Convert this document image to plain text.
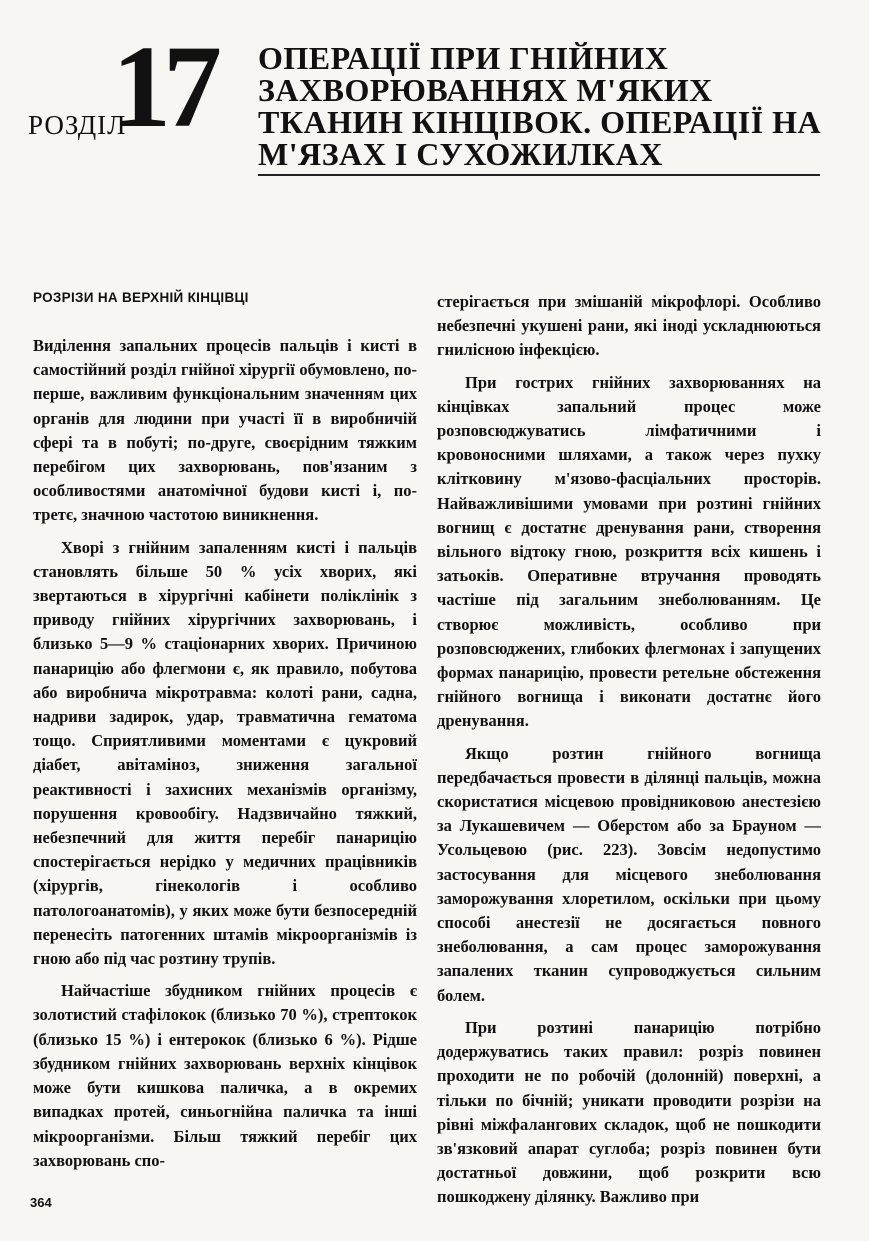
РОЗДІЛ
17 ОПЕРАЦІЇ ПРИ ГНІЙНИХ ЗАХВОРЮВАННЯХ М'ЯКИХ ТКАНИН КІНЦІВОК. ОПЕРАЦІЇ НА М'ЯЗАХ І СУХОЖИЛКАХ
РОЗРІЗИ НА ВЕРХНІЙ КІНЦІВЦІ

Виділення запальних процесів пальців і кисті в самостійний розділ гнійної хірургії обумовлено, по-перше, важливим функціональним значенням цих органів для людини при участі її в виробничій сфері та в побуті; по-друге, своєрідним тяжким перебігом цих захворювань, пов'язаним з особливостями анатомічної будови кисті і, по-третє, значною частотою виникнення.

Хворі з гнійним запаленням кисті і пальців становлять більше 50 % усіх хворих, які звертаються в хірургічні кабінети поліклінік з приводу гнійних хірургічних захворювань, і близько 5—9 % стаціонарних хворих. Причиною панарицію або флегмони є, як правило, побутова або виробнича мікротравма: колоті рани, садна, надриви задирок, удар, травматична гематома тощо. Сприятливими моментами є цукровий діабет, авітаміноз, зниження загальної реактивності і захисних механізмів організму, порушення кровообігу. Надзвичайно тяжкий, небезпечний для життя перебіг панарицію спостерігається нерідко у медичних працівників (хірургів, гінекологів і особливо патологоанатомів), у яких може бути безпосередній перенесіть патогенних штамів мікроорганізмів із гною або під час розтину трупів.

Найчастіше збудником гнійних процесів є золотистий стафілокок (близько 70 %), стрептокок (близько 15 %) і ентерокок (близько 6 %). Рідше збудником гнійних захворювань верхніх кінцівок може бути кишкова паличка, а в окремих випадках протей, синьогнійна паличка та інші мікроорганізми. Більш тяжкий перебіг цих захворювань спо-

стерігається при змішаній мікрофлорі. Особливо небезпечні укушені рани, які іноді ускладнюються гнилісною інфекцією.

При гострих гнійних захворюваннях на кінцівках запальний процес може розповсюджуватись лімфатичними і кровоносними шляхами, а також через пухку клітковину м'язово-фасціальних просторів. Найважливішими умовами при розтині гнійних вогнищ є достатнє дренування рани, створення вільного відтоку гною, розкриття всіх кишень і затьоків. Оперативне втручання проводять частіше під загальним знеболюванням. Це створює можливість, особливо при розповсюджених, глибоких флегмонах і запущених формах панарицію, провести ретельне обстеження гнійного вогнища і виконати достатнє його дренування.

Якщо розтин гнійного вогнища передбачається провести в ділянці пальців, можна скористатися місцевою провідниковою анестезією за Лукашевичем — Оберстом або за Брауном — Усольцевою (рис. 223). Зовсім недопустимо застосування для місцевого знеболювання заморожування хлоретилом, оскільки при цьому способі анестезії не досягається повного знеболювання, а сам процес заморожування запалених тканин супроводжується сильним болем.

При розтині панарицію потрібно додержуватись таких правил: розріз повинен проходити не по робочій (долонній) поверхні, а тільки по бічній; уникати проводити розрізи на рівні міжфалангових складок, щоб не пошкодити зв'язковий апарат суглоба; розріз повинен бути достатньої довжини, щоб розкрити всю пошкоджену ділянку. Важливо при

364
